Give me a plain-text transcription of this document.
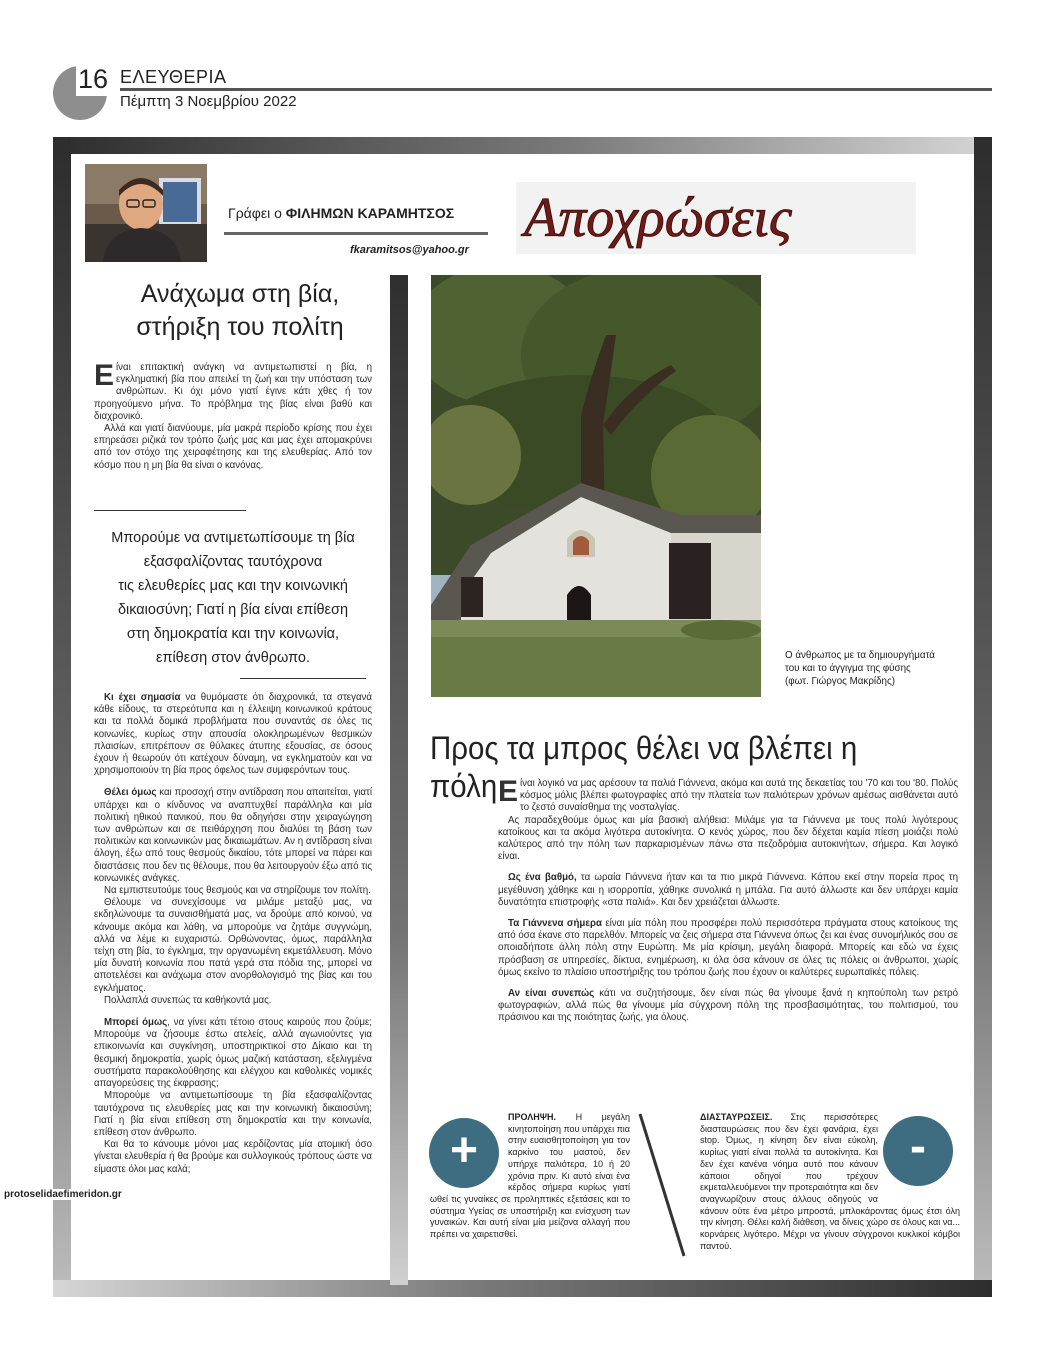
16 ΕΛΕΥΘΕΡΙΑ
Πέμπτη 3 Νοεμβρίου 2022
Γράφει ο ΦΙΛΗΜΩΝ ΚΑΡΑΜΗΤΣΟΣ
fkaramitsos@yahoo.gr
Αποχρώσεις
Ανάχωμα στη βία,
στήριξη του πολίτη

Είναι επιτακτική ανάγκη να αντιμετωπιστεί η βία, η εγκληματική βία που απειλεί τη ζωή και την υπόσταση των ανθρώπων. Κι όχι μόνο γιατί έγινε κάτι χθες ή τον προηγούμενο μήνα. Το πρόβλημα της βίας είναι βαθύ και διαχρονικό.

Αλλά και γιατί διανύουμε, μία μακρά περίοδο κρίσης που έχει επηρεάσει ριζικά τον τρόπο ζωής μας και μας έχει απομακρύνει από τον στόχο της χειραφέτησης και της ελευθερίας. Από τον κόσμο που η μη βία θα είναι ο κανόνας.

Μπορούμε να αντιμετωπίσουμε τη βία
εξασφαλίζοντας ταυτόχρονα
τις ελευθερίες μας και την κοινωνική
δικαιοσύνη; Γιατί η βία είναι επίθεση
στη δημοκρατία και την κοινωνία,
επίθεση στον άνθρωπο.

Κι έχει σημασία να θυμόμαστε ότι διαχρονικά, τα στεγανά κάθε είδους, τα στερεότυπα και η έλλειψη κοινωνικού κράτους και τα πολλά δομικά προβλήματα που συναντάς σε όλες τις κοινωνίες, κυρίως στην απουσία ολοκληρωμένων θεσμικών πλαισίων, επιτρέπουν σε θύλακες άτυπης εξουσίας, σε όσους έχουν ή θεωρούν ότι κατέχουν δύναμη, να εγκληματούν και να χρησιμοποιούν τη βία προς όφελος των συμφερόντων τους.

Θέλει όμως και προσοχή στην αντίδραση που απαιτείται, γιατί υπάρχει και ο κίνδυνος να αναπτυχθεί παράλληλα και μία πολιτική ηθικού πανικού, που θα οδηγήσει στην χειραγώγηση των ανθρώπων και σε πειθάρχηση που διαλύει τη βάση των πολιτικών και κοινωνικών μας δικαιωμάτων. Αν η αντίδραση είναι άλογη, έξω από τους θεσμούς δικαίου, τότε μπορεί να πάρει και διαστάσεις που δεν τις θέλουμε, που θα λειτουργούν έξω από τις κοινωνικές ανάγκες.

Να εμπιστευτούμε τους θεσμούς και να στηρίζουμε τον πολίτη.

Θέλουμε να συνεχίσουμε να μιλάμε μεταξύ μας, να εκδηλώνουμε τα συναισθήματά μας, να δρούμε από κοινού, να κάνουμε ακόμα και λάθη, να μπορούμε να ζητάμε συγγνώμη, αλλά να λέμε κι ευχαριστώ. Ορθώνοντας, όμως, παράλληλα τείχη στη βία, το έγκλημα, την οργανωμένη εκμετάλλευση. Μόνο μία δυνατή κοινωνία που πατά γερά στα πόδια της, μπορεί να αποτελέσει και ανάχωμα στον ανορθολογισμό της βίας και του εγκλήματος.

Πολλαπλά συνεπώς τα καθήκοντά μας.

Μπορεί όμως, να γίνει κάτι τέτοιο στους καιρούς που ζούμε; Μπορούμε να ζήσουμε έστω ατελείς, αλλά αγωνιούντες για επικοινωνία και συγκίνηση, υποστηρικτικοί στο Δίκαιο και τη θεσμική δημοκρατία, χωρίς όμως μαζική κατάσταση, εξελιγμένα συστήματα παρακολούθησης και ελέγχου και καθολικές νομικές απαγορεύσεις της έκφρασης;

Μπορούμε να αντιμετωπίσουμε τη βία εξασφαλίζοντας ταυτόχρονα τις ελευθερίες μας και την κοινωνική δικαιοσύνη; Γιατί η βία είναι επίθεση στη δημοκρατία και την κοινωνία, επίθεση στον άνθρωπο.

Και θα το κάνουμε μόνοι μας κερδίζοντας μία ατομική όσο γίνεται ελευθερία ή θα βρούμε και συλλογικούς τρόπους ώστε να είμαστε όλοι μας καλά;

Ο άνθρωπος με τα δημιουργήματά
του και το άγγιγμα της φύσης
(φωτ. Γιώργος Μακρίδης)
Προς τα μπρος θέλει να βλέπει η πόλη Είναι λογικό να μας αρέσουν τα παλιά Γιάννενα, ακόμα και αυτά της δεκαετίας του '70 και του '80. Πολύς κόσμος μόλις βλέπει φωτογραφίες από την πλατεία των παλιότερων χρόνων αμέσως αισθάνεται αυτό το ζεστό συναίσθημα της νοσταλγίας.

Ας παραδεχθούμε όμως και μία βασική αλήθεια: Μιλάμε για τα Γιάννενα με τους πολύ λιγότερους κατοίκους και τα ακόμα λιγότερα αυτοκίνητα. Ο κενός χώρος, που δεν δέχεται καμία πίεση μοιάζει πολύ καλύτερος από την πόλη των παρκαρισμένων πάνω στα πεζοδρόμια αυτοκινήτων, σήμερα. Και λογικό είναι.

Ως ένα βαθμό, τα ωραία Γιάννενα ήταν και τα πιο μικρά Γιάννενα. Κάπου εκεί στην πορεία προς τη μεγέθυνση χάθηκε και η ισορροπία, χάθηκε συνολικά η μπάλα. Για αυτό άλλωστε και δεν υπάρχει καμία δυνατότητα επιστροφής «στα παλιά». Και δεν χρειάζεται άλλωστε.

Τα Γιάννενα σήμερα είναι μία πόλη που προσφέρει πολύ περισσότερα πράγματα στους κατοίκους της από όσα έκανε στο παρελθόν. Μπορείς να ζεις σήμερα στα Γιάννενα όπως ζει και ένας συνομήλικός σου σε οποιαδήποτε άλλη πόλη στην Ευρώπη. Με μία κρίσιμη, μεγάλη διαφορά. Μπορείς και εδώ να έχεις πρόσβαση σε υπηρεσίες, δίκτυα, ενημέρωση, κι όλα όσα κάνουν σε όλες τις πόλεις οι άνθρωποι, χωρίς όμως εκείνο το πλαίσιο υποστήριξης του τρόπου ζωής που έχουν οι καλύτερες ευρωπαϊκές πόλεις.

Αν είναι συνεπώς κάτι να συζητήσουμε, δεν είναι πώς θα γίνουμε ξανά η κηπούπολη των ρετρό φωτογραφιών, αλλά πώς θα γίνουμε μία σύγχρονη πόλη της προσβασιμότητας, του πολιτισμού, του πράσινου και της ποιότητας ζωής, για όλους.

+
ΠΡΟΛΗΨΗ. Η μεγάλη κινητοποίηση που υπάρχει πια στην ευαισθητοποίηση για τον καρκίνο του μαστού, δεν υπήρχε παλιότερα, 10 ή 20 χρόνια πριν. Κι αυτό είναι ένα κέρδος σήμερα κυρίως γιατί ωθεί τις γυναίκες σε προληπτικές εξετάσεις και το σύστημα Υγείας σε υποστήριξη και ενίσχυση των γυναικών. Και αυτή είναι μία μείζονα αλλαγή που πρέπει να χαιρετισθεί.
ΔΙΑΣΤΑΥΡΩΣΕΙΣ. Στις περισσότερες διασταυρώσεις που δεν έχει φανάρια, έχει stop. Όμως, η κίνηση δεν είναι εύκολη, κυρίως γιατί είναι πολλά τα αυτοκίνητα. Και δεν έχει κανένα νόημα αυτό που κάνουν κάποιοι οδηγοί που τρέχουν εκμεταλλευόμενοι την προτεραιότητα και δεν αναγνωρίζουν στους άλλους οδηγούς να κάνουν ούτε ένα μέτρο μπροστά, μπλοκάροντας όμως έτσι όλη την κίνηση. Θέλει καλή διάθεση, να δίνεις χώρο σε όλους και να... κορνάρεις λιγότερο. Μέχρι να γίνουν σύγχρονοι κυκλικοί κόμβοι παντού.
-
protoselidaefimeridon.gr
